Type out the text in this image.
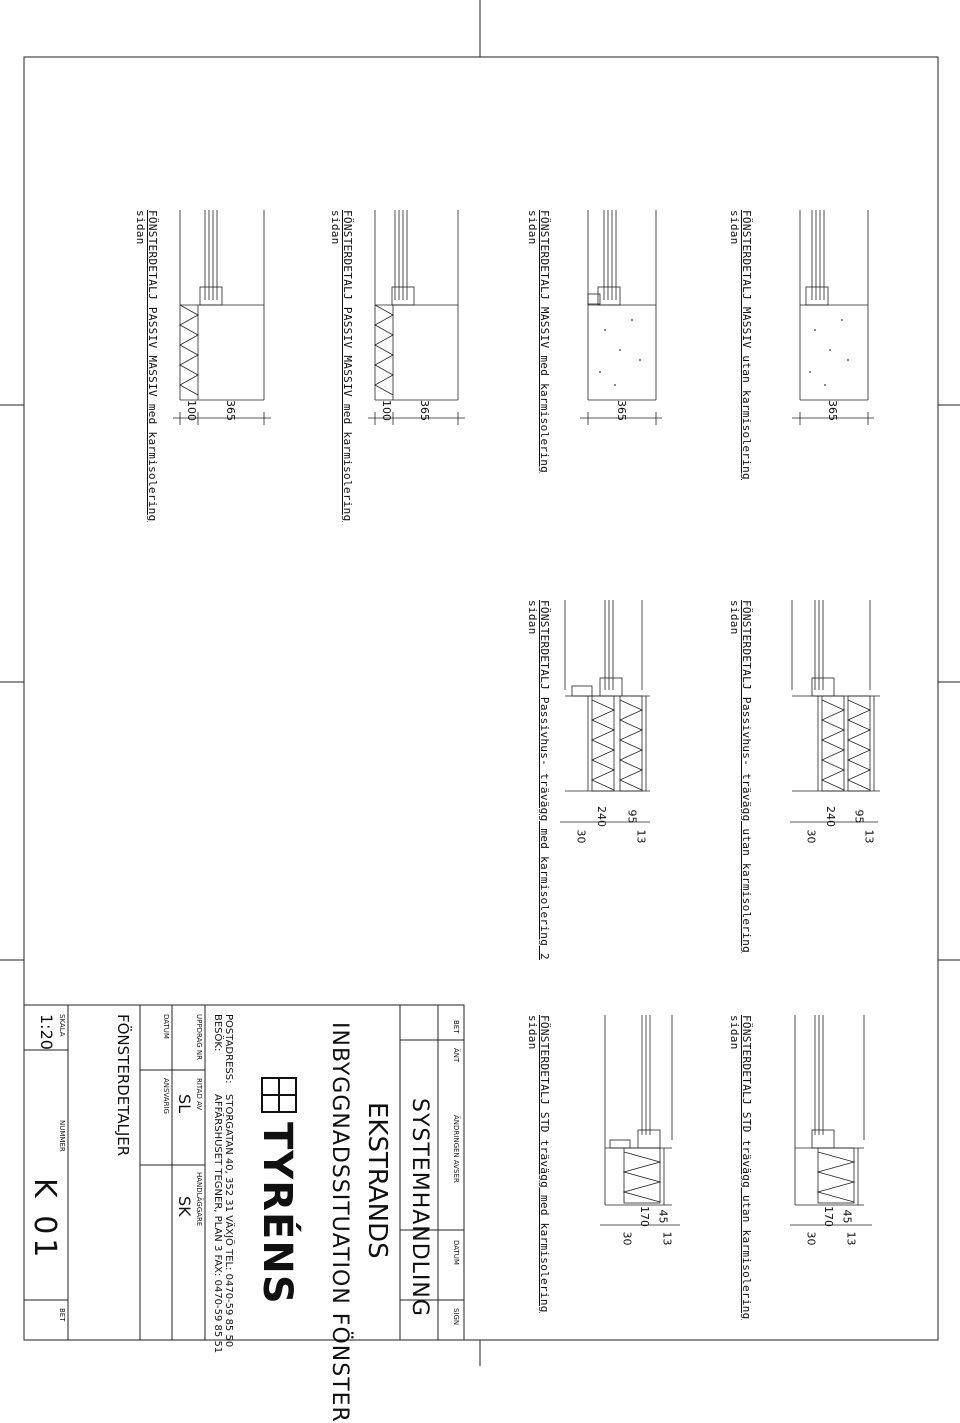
FÖNSTERDETALJ MASSIV utan karmisolering
sidan
FÖNSTERDETALJ MASSIV med karmisolering
sidan
FÖNSTERDETALJ PASSIV MASSIV med karmisolering
sidan
FÖNSTERDETALJ PASSIV MASSIV med karmisolering
sidan
FÖNSTERDETALJ Passivhus- trävägg utan karmisolering
sidan
FÖNSTERDETALJ Passivhus- trävägg med karmisolering 2
sidan
FÖNSTERDETALJ STD trävägg utan karmisolering
sidan
FÖNSTERDETALJ STD trävägg med karmisolering
sidan
365
365
100 365
100 365
240 95
30	13
240 95
30	13
170 45
30 13
170 45
30 13
BET
ÄNT
ÄNDRINGEN AVSER
DATUM
SIGN
SYSTEMHANDLING
EKSTRANDS
INBYGGNADSSITUATION FÖNSTER
TYRÉNS
POSTADRESS:
BESÖK:
STORGATAN 40, 352 31 VÄXJÖ TEL: 0470-59 85 50
AFFÄRSHUSET TEGNER, PLAN 3 FAX: 0470-59 85 51
UPPDRAG NR
RITAD AV
SL
HANDLÄGGARE
SK
DATUM
ANSVARIG
FÖNSTERDETALJER
SKALA
1:20
NUMMER
K 01
BET
